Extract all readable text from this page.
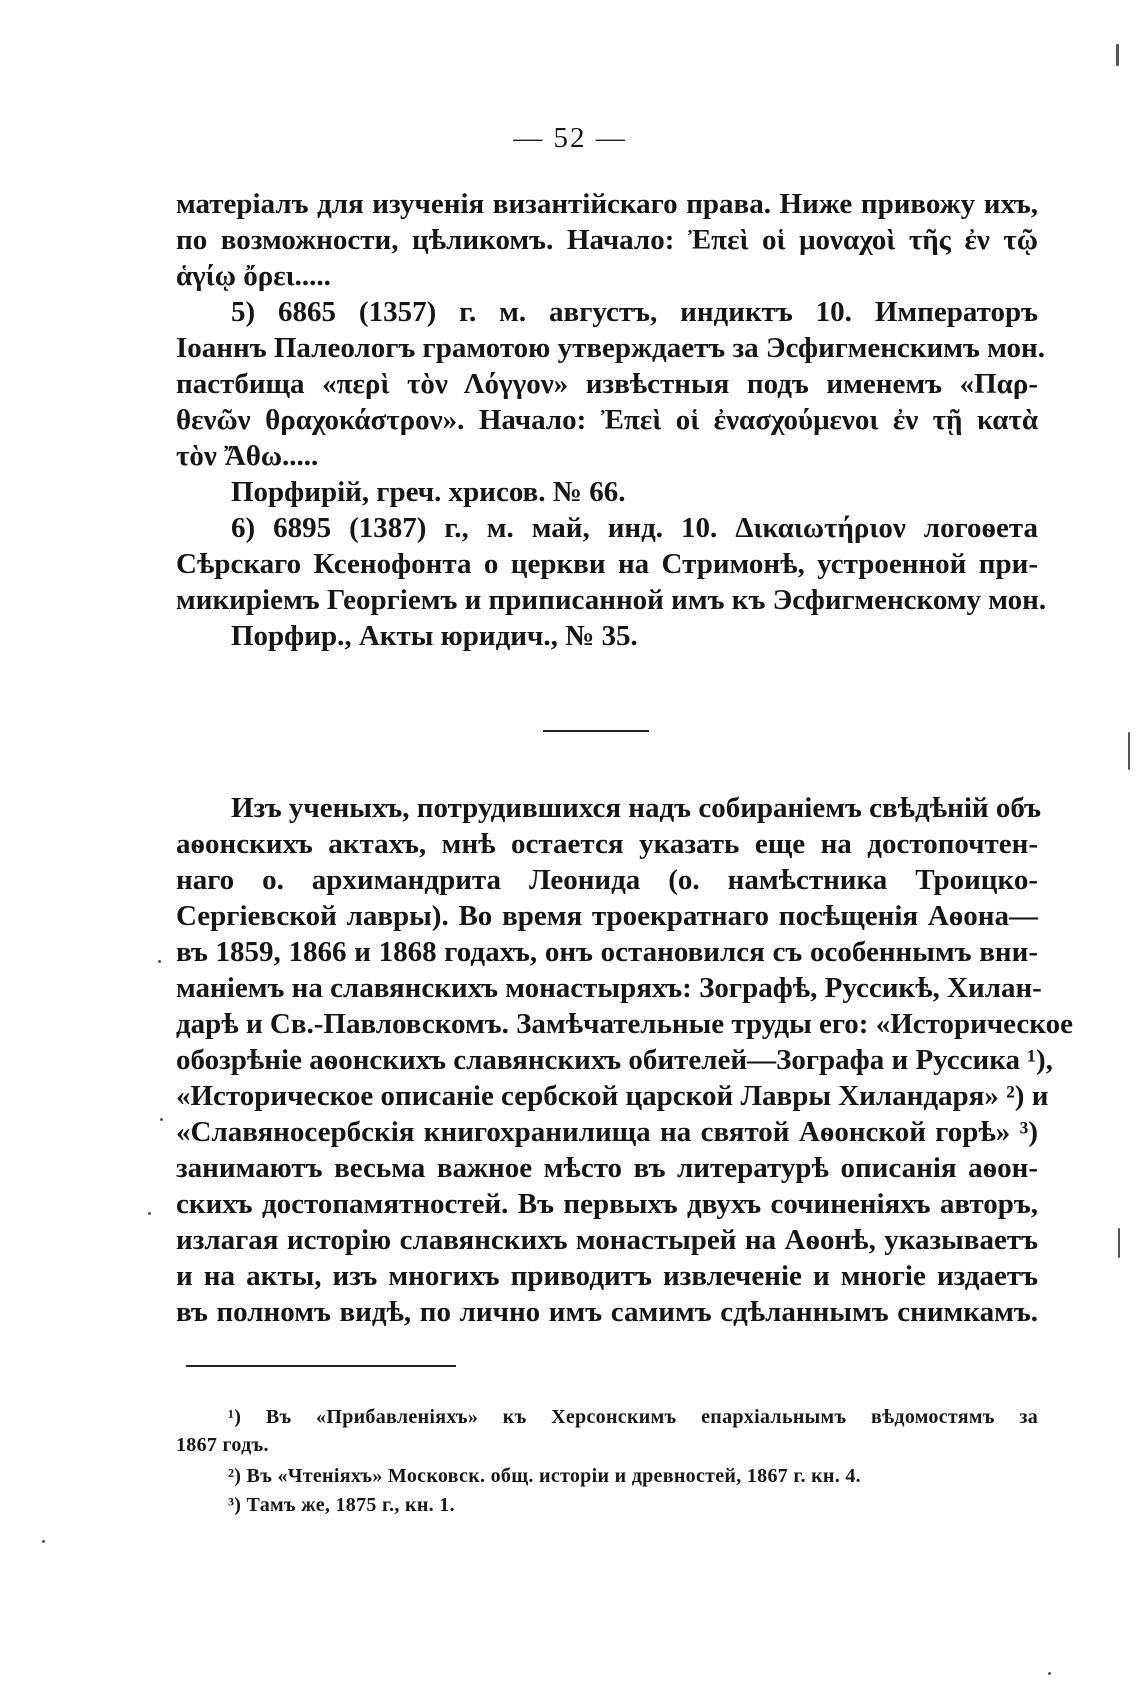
— 52 —
матеріалъ для изученія византійскаго права. Ниже привожу ихъ,
по возможности, цѣликомъ. Начало: Ἐπεὶ οἱ μοναχοὶ τῆς ἐν τῷ
ἁγίῳ ὄρει.....
5) 6865 (1357) г. м. августъ, индиктъ 10. Императоръ
Іоаннъ Палеологъ грамотою утверждаетъ за Эсфигменскимъ мон.
пастбища «περὶ τὸν Λόγγον» извѣстныя подъ именемъ «Παρ-
θενῶν θραχοκάστρον». Начало: Ἐπεὶ οἱ ἐνασχούμενοι ἐν τῇ κατὰ
τὸν Ἄθω.....
Порфирій, греч. хрисов. № 66.
6) 6895 (1387) г., м. май, инд. 10. Δικαιωτήριον логоѳета
Сѣрскаго Ксенофонта о церкви на Стримонѣ, устроенной при-
микиріемъ Георгіемъ и приписанной имъ къ Эсфигменскому мон.
Порфир., Акты юридич., № 35.
Изъ ученыхъ, потрудившихся надъ собираніемъ свѣдѣній объ
аѳонскихъ актахъ, мнѣ остается указать еще на достопочтен-
наго о. архимандрита Леонида (о. намѣстника Троицко-
Сергіевской лавры). Во время троекратнаго посѣщенія Аѳона—
въ 1859, 1866 и 1868 годахъ, онъ остановился съ особеннымъ вни-
маніемъ на славянскихъ монастыряхъ: Зографѣ, Руссикѣ, Хилан-
дарѣ и Св.-Павловскомъ. Замѣчательные труды его: «Историческое
обозрѣніе аѳонскихъ славянскихъ обителей—Зографа и Руссика ¹),
«Историческое описаніе сербской царской Лавры Хиландаря» ²) и
«Славяносербскія книгохранилища на святой Аѳонской горѣ» ³)
занимаютъ весьма важное мѣсто въ литературѣ описанія аѳон-
скихъ достопамятностей. Въ первыхъ двухъ сочиненіяхъ авторъ,
излагая исторію славянскихъ монастырей на Аѳонѣ, указываетъ
и на акты, изъ многихъ приводитъ извлеченіе и многіе издаетъ
въ полномъ видѣ, по лично имъ самимъ сдѣланнымъ снимкамъ.
¹) Въ «Прибавленіяхъ» къ Херсонскимъ епархіальнымъ вѣдомостямъ за
1867 годъ.
²) Въ «Чтеніяхъ» Московск. общ. исторіи и древностей, 1867 г. кн. 4.
³) Тамъ же, 1875 г., кн. 1.
